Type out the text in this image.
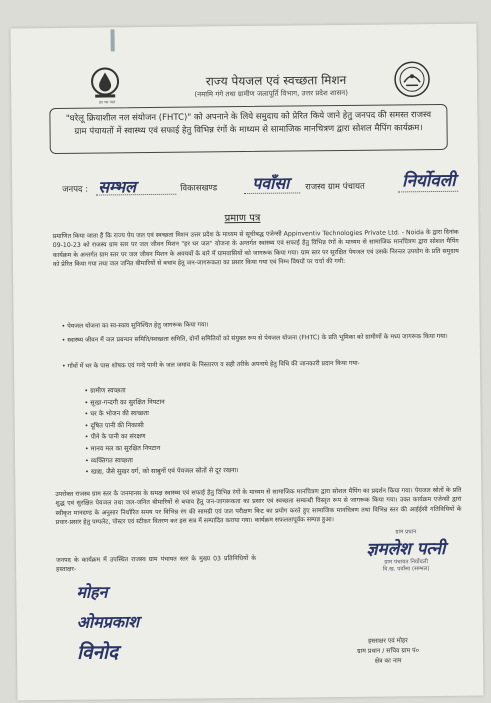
हर घर जल
राज्य पेयजल एवं स्वच्छता मिशन
(नमामि गंगे तथा ग्रामीण जलापूर्ति विभाग, उत्तर प्रदेश शासन)
"घरेलू क्रियाशील नल संयोजन (FHTC)" को अपनाने के लिये समुदाय को प्रेरित किये जाने हेतु जनपद की समस्त राजस्व ग्राम पंचायतों में स्वास्थ्य एवं सफाई हेतु विभिन्न रंगों के माध्यम से सामाजिक मानचित्रण द्वारा सोशल मैपिंग कार्यक्रम।
जनपद : सम्भल	विकासखण्ड पवाँसा राजस्व ग्राम पंचायत निर्योवली
प्रमाण पत्र
प्रमाणित किया जाता है कि राज्य पेय जल एवं स्वच्छता मिशन उत्तर प्रदेश के माध्यम से सूचीबद्ध एजेन्सी Appinventiv Technologies Private Ltd. - Noida के द्वारा दिनांक 09-10-23 को राजस्व ग्राम स्तर पर जल जीवन मिशन "हर घर जल" योजना के अन्तर्गत स्वास्थ्य एवं सफाई हेतु विभिन्न रंगों के माध्यम से सामाजिक मानचित्रण द्वारा सोशल मैपिंग कार्यक्रम के अन्तर्गत ग्राम स्तर पर जल जीवन मिशन के अवयवों के बारे में ग्रामवासियों को जागरूक किया गया। ग्राम स्तर पर सुरक्षित पेयजल एवं उसके निरन्तर उपयोग के प्रति समुदाय को प्रेरित किया गया तथा जल जनित बीमारियों से बचाव हेतु जन-जागरूकता का प्रसार किया गया एवं निम्न विषयों पर चर्चा की गयी:
• पेयजल योजना का स्व-स्वत्व सुनिश्चित हेतु जागरूक किया गया।
• स्वास्थ्य जीवन में जल प्रबन्धन समिति/स्वच्छता समिति, दोनों समितियों को संयुक्त रूप से पेयजल योजना (FHTC) के प्रति भूमिका को ग्रामीणों के मध्य जागरूक किया गया।
• गाँवों में घर के पास शोषक एवं गन्दे पानी के जल जमाव के निस्तारण व सही तरीके अपनाये हेतु विधि की जानकारी प्रदान किया गया-
• ग्रामीण स्वच्छता
• सूखा-गन्दगी का सुरक्षित निपटान
• घर के भोजन की स्वच्छता
• दूषित पानी की निकासी
• पीने के पानी का संरक्षण
• मानव मल का सुरक्षित निपटान
• व्यक्तिगत स्वच्छता
• खाद्य, जैसे सुखर वर्ग, को साबुनों एवं पेयजल स्रोतों से दूर रखना।
उपरोक्त राजस्व ग्राम स्तर के जनमानस के समक्ष स्वास्थ्य एवं सफाई हेतु विभिन्न रंगों के माध्यम से सामाजिक मानचित्रण द्वारा सोशल मैपिंग का प्रदर्शन किया गया। पेयजल स्रोतों के प्रति शुद्ध एवं सुरक्षित पेयजल तथा जल-जनित बीमारियों से बचाव हेतु जन-जागरूकता का प्रसार एवं स्वच्छता सम्बन्धी विस्तृत रूप से जागरूक किया गया। उक्त कार्यक्रम एजेन्सी द्वारा स्वीकृत मानदण्ड के अनुसार निर्धारित समय पर विभिन्न रंग की सामग्री एवं जल परीक्षण किट का प्रयोग करते हुए सामाजिक मानचित्रण तथा विभिन्न स्तर की आईईसी गतिविधियों के प्रचार-प्रसार हेतु पम्पलेट, पोस्टर एवं स्टीकर वितरण कर इस सत्र में सम्पादित कराया गया। कार्यक्रम सफलतापूर्वक सम्पन्न हुआ।
जनपद के कार्यक्रम में उपस्थित राजस्व ग्राम पंचायत स्तर के मुख्य 03 प्रतिनिधियों के हस्ताक्षर-
ग्राम प्रधान
ज्ञमलेश पत्नी
ग्राम पंचायत निर्योवली
वि.ख. पवाँसा (सम्भल)
मोहन
ओमप्रकाश
विनोद
हस्ताक्षर एवं मोहर
ग्राम प्रधान / सचिव ग्राम पं०
क्षेत्र का नाम
